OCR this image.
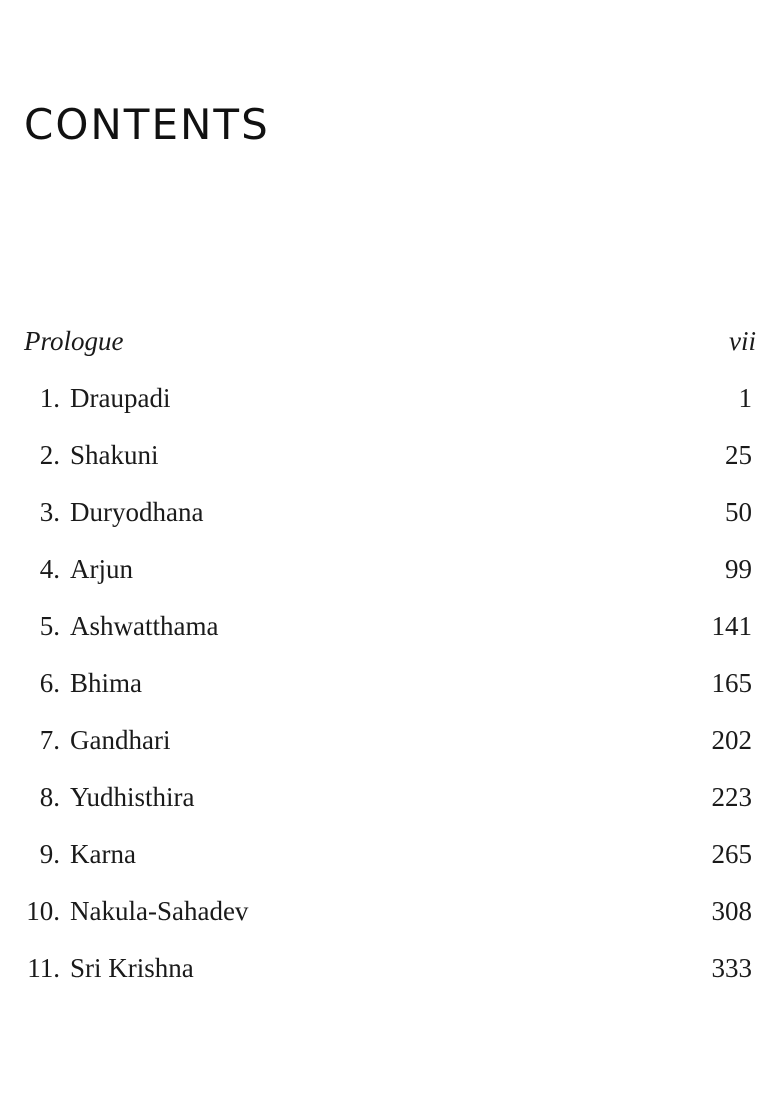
CONTENTS
Prologue	vii
1. Draupadi	1
2. Shakuni	25
3. Duryodhana	50
4. Arjun	99
5. Ashwatthama	141
6. Bhima	165
7. Gandhari	202
8. Yudhisthira	223
9. Karna	265
10. Nakula-Sahadev	308
11. Sri Krishna	333
